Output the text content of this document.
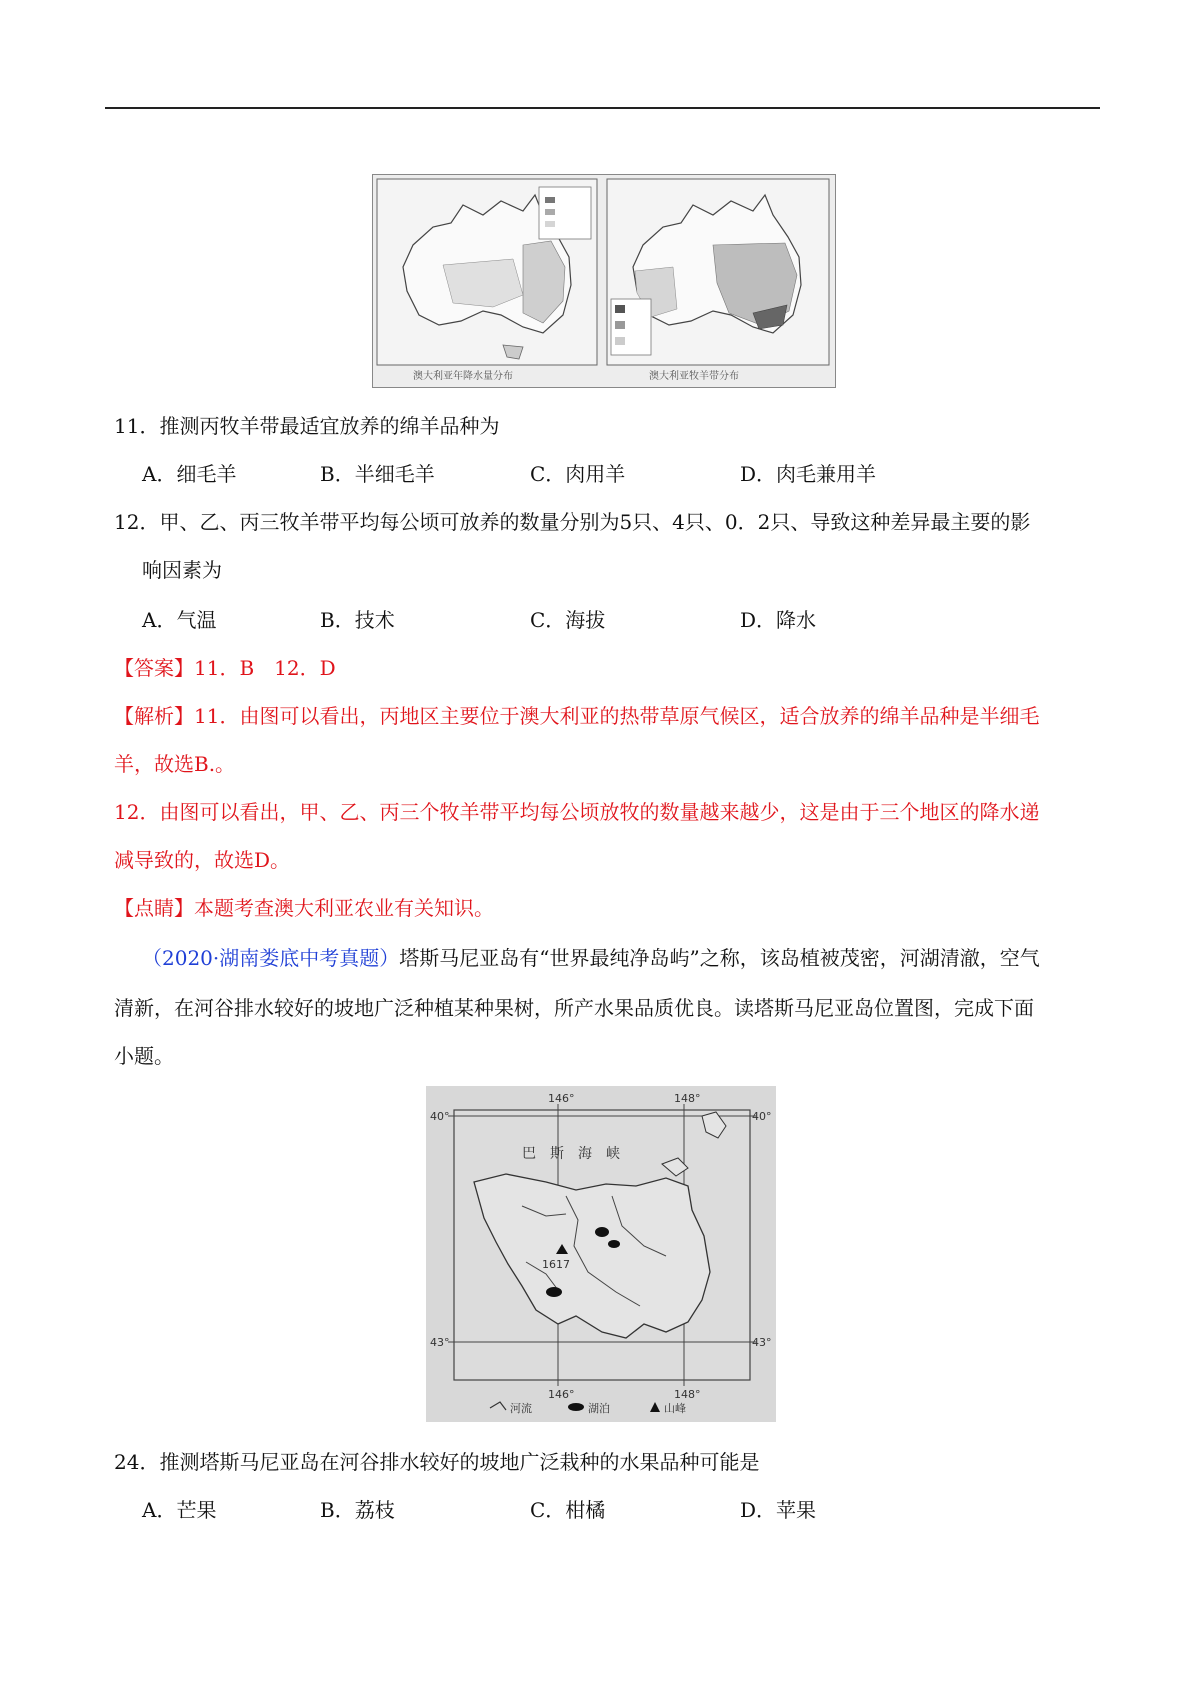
澳大利亚年降水量分布	澳大利亚牧羊带分布
11．推测丙牧羊带最适宜放养的绵羊品种为
A．细毛羊	B．半细毛羊	C．肉用羊	D．肉毛兼用羊
12．甲、乙、丙三牧羊带平均每公顷可放养的数量分别为5只、4只、0．2只、导致这种差异最主要的影
响因素为
A．气温	B．技术	C．海拔	D．降水
【答案】11．B　12．D
【解析】11．由图可以看出，丙地区主要位于澳大利亚的热带草原气候区，适合放养的绵羊品种是半细毛
羊，故选B.。
12．由图可以看出，甲、乙、丙三个牧羊带平均每公顷放牧的数量越来越少，这是由于三个地区的降水递
减导致的，故选D。
【点睛】本题考查澳大利亚农业有关知识。
（2020·湖南娄底中考真题）塔斯马尼亚岛有“世界最纯净岛屿”之称，该岛植被茂密，河湖清澈，空气
清新，在河谷排水较好的坡地广泛种植某种果树，所产水果品质优良。读塔斯马尼亚岛位置图，完成下面
小题。
146°	148°
40°	40°
43°	43°
146°	148°
巴　斯　海　峡
1617
河流	湖泊	山峰
24．推测塔斯马尼亚岛在河谷排水较好的坡地广泛栽种的水果品种可能是
A．芒果	B．荔枝	C．柑橘	D．苹果
